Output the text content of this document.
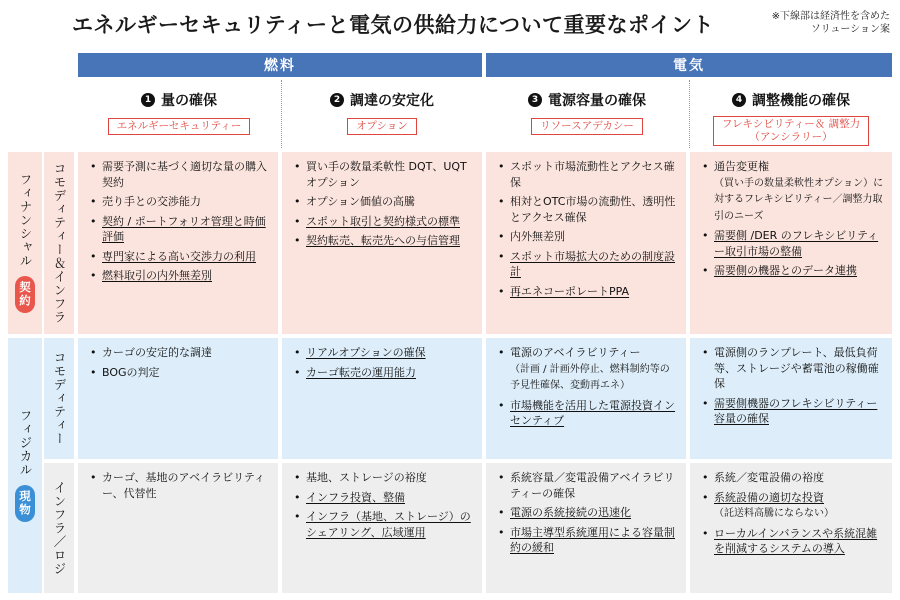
エネルギーセキュリティーと電気の供給力について重要なポイント	※下線部は経済性を含めた
ソリューション案
燃料	電気
1 量の確保
エネルギーセキュリティー
2 調達の安定化
オプション
3 電源容量の確保
リソースアデカシー
4 調整機能の確保
フレキシビリティー＆ 調整力
（アンシラリー）
フィナンシャル
契約 コモディティー＆インフラ
フィジカル
現物
コモディティー
インフラ／ロジ
• 需要予測に基づく適切な量の購入契約
• 売り手との交渉能力
• 契約 / ポートフォリオ管理と時価評価
• 専門家による高い交渉力の利用
• 燃料取引の内外無差別
• 買い手の数量柔軟性 DQT、UQTオプション
• オプション価値の高騰
• スポット取引と契約様式の標準
• 契約転売、転売先への与信管理
• スポット市場流動性とアクセス確保
• 相対とOTC市場の流動性、透明性とアクセス確保
• 内外無差別
• スポット市場拡大のための制度設計
• 再エネコーポレートPPA
• 通告変更権
（買い手の数量柔軟性オプション）に対するフレキシビリティー／調整力取引のニーズ
• 需要側 /DER のフレキシビリティー取引市場の整備
• 需要側の機器とのデータ連携
• カーゴの安定的な調達
• BOGの判定
• リアルオプションの確保
• カーゴ転売の運用能力
• 電源のアベイラビリティー
（計画 / 計画外停止、燃料制約等の予見性確保、変動再エネ）
• 市場機能を活用した電源投資インセンティブ
• 電源側のランプレート、最低負荷等、ストレージや蓄電池の稼働確保
• 需要側機器のフレキシビリティー容量の確保
• カーゴ、基地のアベイラビリティー、代替性
• 基地、ストレージの裕度
• インフラ投資、整備
• インフラ（基地、ストレージ）のシェアリング、広域運用
• 系統容量／変電設備アベイラビリティーの確保
• 電源の系統接続の迅速化
• 市場主導型系統運用による容量制約の緩和
• 系統／変電設備の裕度
• 系統設備の適切な投資
（託送料高騰にならない）
• ローカルインバランスや系統混雑を削減するシステムの導入
